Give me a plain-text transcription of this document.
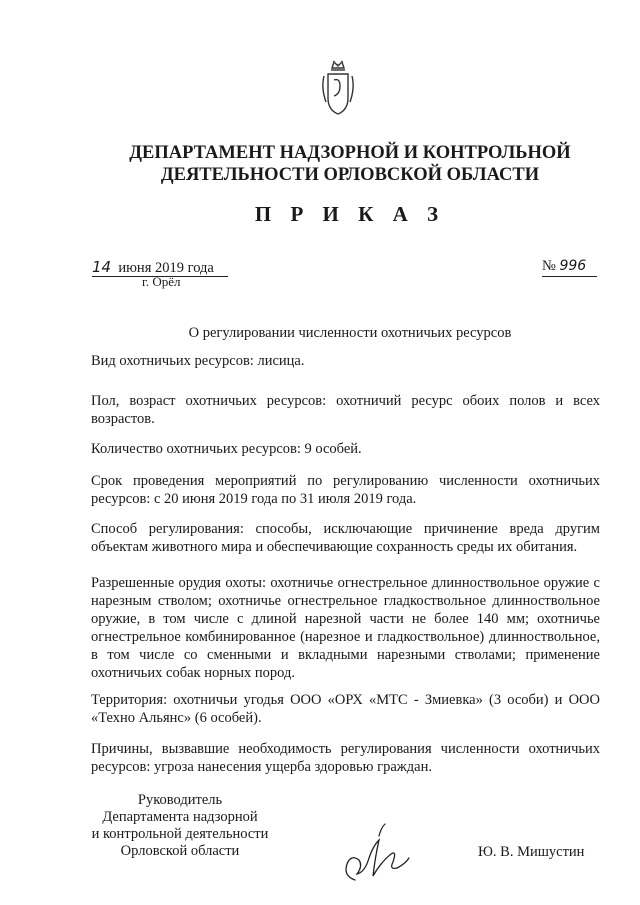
ДЕПАРТАМЕНТ НАДЗОРНОЙ И КОНТРОЛЬНОЙ
ДЕЯТЕЛЬНОСТИ ОРЛОВСКОЙ ОБЛАСТИ
П Р И К А З
14 июня 2019 года
г. Орёл
№ 996
О регулировании численности охотничьих ресурсов
Вид охотничьих ресурсов: лисица.
Пол, возраст охотничьих ресурсов: охотничий ресурс обоих полов и всех возрастов.
Количество охотничьих ресурсов: 9 особей.
Срок проведения мероприятий по регулированию численности охотничьих ресурсов: с 20 июня 2019 года по 31 июля 2019 года.
Способ регулирования: способы, исключающие причинение вреда другим объектам животного мира и обеспечивающие сохранность среды их обитания.
Разрешенные орудия охоты: охотничье огнестрельное длинноствольное оружие с нарезным стволом; охотничье огнестрельное гладкоствольное длинноствольное оружие, в том числе с длиной нарезной части не более 140 мм; охотничье огнестрельное комбинированное (нарезное и гладкоствольное) длинноствольное, в том числе со сменными и вкладными нарезными стволами; применение охотничьих собак норных пород.
Территория: охотничьи угодья ООО «ОРХ «МТС - Змиевка» (3 особи) и ООО «Техно Альянс» (6 особей).
Причины, вызвавшие необходимость регулирования численности охотничьих ресурсов: угроза нанесения ущерба здоровью граждан.
Руководитель
Департамента надзорной
и контрольной деятельности
Орловской области	Ю. В. Мишустин
